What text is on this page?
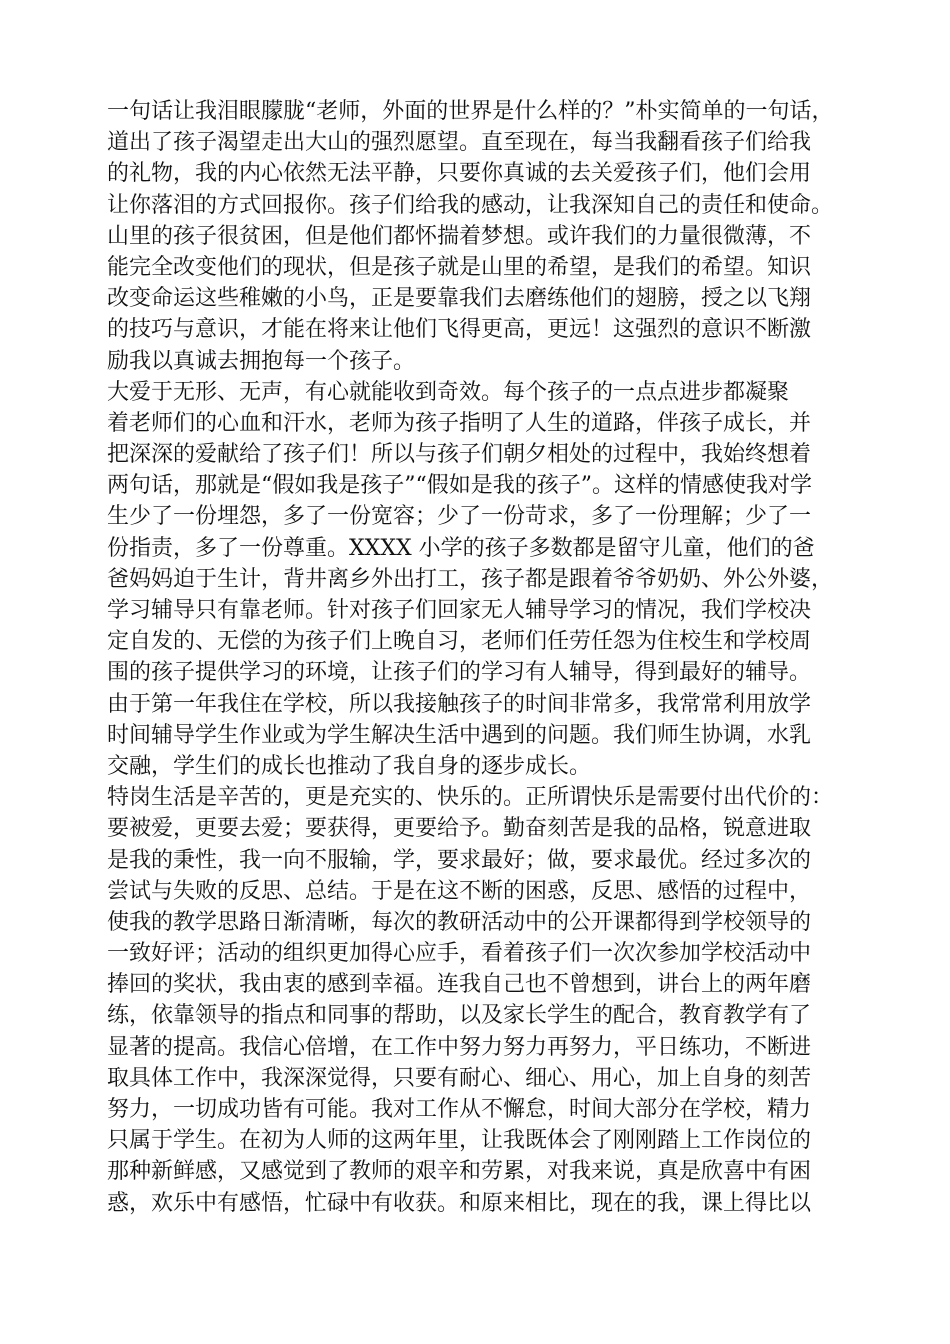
一句话让我泪眼朦胧“老师，外面的世界是什么样的？”朴实简单的一句话，
道出了孩子渴望走出大山的强烈愿望。直至现在，每当我翻看孩子们给我
的礼物，我的内心依然无法平静，只要你真诚的去关爱孩子们，他们会用
让你落泪的方式回报你。孩子们给我的感动，让我深知自己的责任和使命。
山里的孩子很贫困，但是他们都怀揣着梦想。或许我们的力量很微薄，不
能完全改变他们的现状，但是孩子就是山里的希望，是我们的希望。知识
改变命运这些稚嫩的小鸟，正是要靠我们去磨练他们的翅膀，授之以飞翔
的技巧与意识，才能在将来让他们飞得更高，更远！这强烈的意识不断激
励我以真诚去拥抱每一个孩子。
大爱于无形、无声，有心就能收到奇效。每个孩子的一点点进步都凝聚
着老师们的心血和汗水，老师为孩子指明了人生的道路，伴孩子成长，并
把深深的爱献给了孩子们！所以与孩子们朝夕相处的过程中，我始终想着
两句话，那就是“假如我是孩子”“假如是我的孩子”。这样的情感使我对学
生少了一份埋怨，多了一份宽容；少了一份苛求，多了一份理解；少了一
份指责，多了一份尊重。XXXX 小学的孩子多数都是留守儿童，他们的爸
爸妈妈迫于生计，背井离乡外出打工，孩子都是跟着爷爷奶奶、外公外婆，
学习辅导只有靠老师。针对孩子们回家无人辅导学习的情况，我们学校决
定自发的、无偿的为孩子们上晚自习，老师们任劳任怨为住校生和学校周
围的孩子提供学习的环境，让孩子们的学习有人辅导，得到最好的辅导。
由于第一年我住在学校，所以我接触孩子的时间非常多，我常常利用放学
时间辅导学生作业或为学生解决生活中遇到的问题。我们师生协调，水乳
交融，学生们的成长也推动了我自身的逐步成长。
特岗生活是辛苦的，更是充实的、快乐的。正所谓快乐是需要付出代价的：
要被爱，更要去爱；要获得，更要给予。勤奋刻苦是我的品格，锐意进取
是我的秉性，我一向不服输，学，要求最好；做，要求最优。经过多次的
尝试与失败的反思、总结。于是在这不断的困惑，反思、感悟的过程中，
使我的教学思路日渐清晰，每次的教研活动中的公开课都得到学校领导的
一致好评；活动的组织更加得心应手，看着孩子们一次次参加学校活动中
捧回的奖状，我由衷的感到幸福。连我自己也不曾想到，讲台上的两年磨
练，依靠领导的指点和同事的帮助，以及家长学生的配合，教育教学有了
显著的提高。我信心倍增，在工作中努力努力再努力，平日练功，不断进
取具体工作中，我深深觉得，只要有耐心、细心、用心，加上自身的刻苦
努力，一切成功皆有可能。我对工作从不懈怠，时间大部分在学校，精力
只属于学生。在初为人师的这两年里，让我既体会了刚刚踏上工作岗位的
那种新鲜感，又感觉到了教师的艰辛和劳累，对我来说，真是欣喜中有困
惑，欢乐中有感悟，忙碌中有收获。和原来相比，现在的我，课上得比以
